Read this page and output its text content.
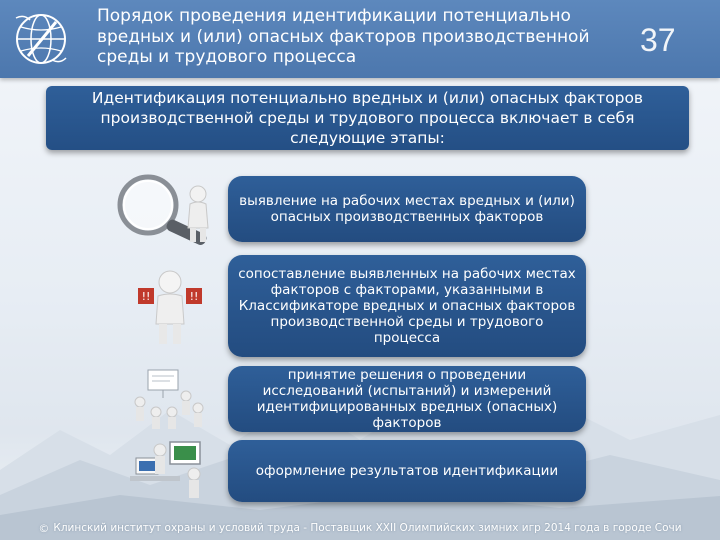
Порядок проведения идентификации потенциально вредных и (или) опасных факторов производственной среды и трудового процесса	37
Идентификация потенциально вредных и (или) опасных факторов производственной среды и трудового процесса включает в себя следующие этапы:
!!	!!
выявление на рабочих местах вредных и (или) опасных производственных факторов
сопоставление выявленных на рабочих местах факторов с факторами, указанными в Классификаторе вредных и опасных факторов производственной среды и трудового процесса
принятие решения о проведении исследований (испытаний) и измерений идентифицированных вредных (опасных) факторов
оформление результатов идентификации
© Клинский институт охраны и условий труда - Поставщик XXII Олимпийских зимних игр 2014 года в городе Сочи
